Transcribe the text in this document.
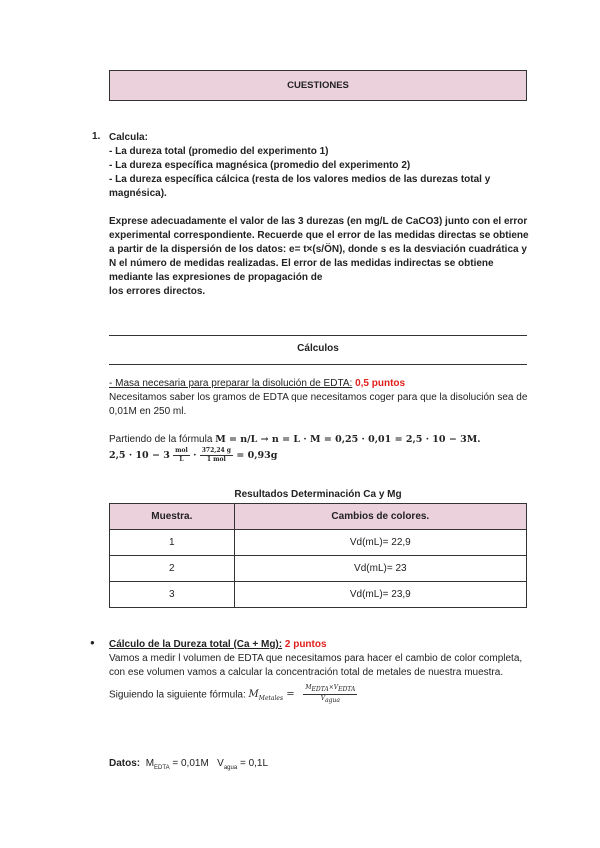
CUESTIONES
1. Calcula:

- La dureza total (promedio del experimento 1)

- La dureza específica magnésica (promedio del experimento 2)

- La dureza específica cálcica (resta de los valores medios de las durezas total y magnésica).

Exprese adecuadamente el valor de las 3 durezas (en mg/L de CaCO3) junto con el error experimental correspondiente. Recuerde que el error de las medidas directas se obtiene a partir de la dispersión de los datos: e= t×(s/ÖN), donde s es la desviación cuadrática y N el número de medidas realizadas. El error de las medidas indirectas se obtiene mediante las expresiones de propagación de

los errores directos.

Cálculos

- Masa necesaria para preparar la disolución de EDTA: 0,5 puntos

Necesitamos saber los gramos de EDTA que necesitamos coger para que la disolución sea de 0,01M en 250 ml.

Partiendo de la fórmula M = n/L → n = L · M = 0,25 · 0,01 = 2,5 · 10 − 3M.

$2,5 \cdot 10 - 3 \frac{\text{mol}}{L} \cdot \frac{372,24 g}{\text{1 mol}} = 0,93g$

Resultados Determinación Ca y Mg
Muestra.	Cambios de colores.
1	Vd(mL)= 22,9
2	Vd(mL)= 23
3	Vd(mL)= 23,9
● Cálculo de la Dureza total (Ca + Mg): 2 puntos

Vamos a medir l volumen de EDTA que necesitamos para hacer el cambio de color completa,

con ese volumen vamos a calcular la concentración total de metales de nuestra muestra.

Siguiendo la siguiente fórmula: $M_{Metales} = \frac{M_{EDTA}\times V_{EDTA}}{V_{agua}}$

Datos: $M_{EDTA} = 0,01M$ $V_{agua} = 0,1L$
